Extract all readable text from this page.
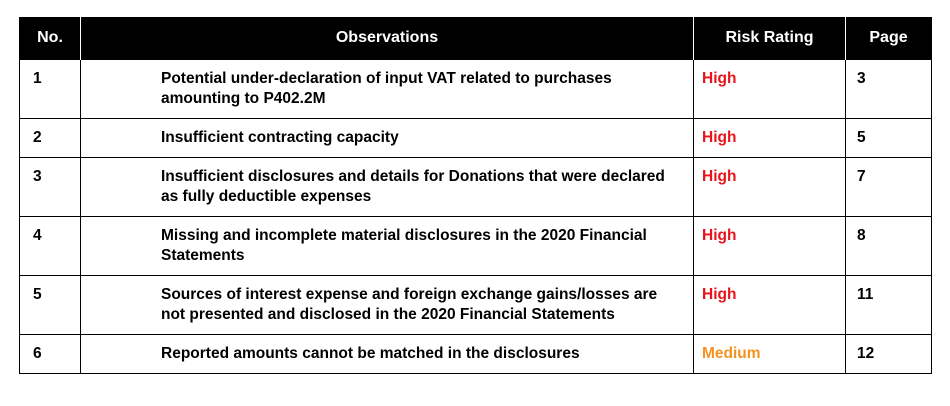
No.	Observations	Risk Rating	Page
1	Potential under-declaration of input VAT related to purchases amounting to P402.2M	High	3
2	Insufficient contracting capacity	High	5
3	Insufficient disclosures and details for Donations that were declared as fully deductible expenses	High	7
4	Missing and incomplete material disclosures in the 2020 Financial Statements	High	8
5	Sources of interest expense and foreign exchange gains/losses are not presented and disclosed in the 2020 Financial Statements	High	11
6	Reported amounts cannot be matched in the disclosures	Medium	12
